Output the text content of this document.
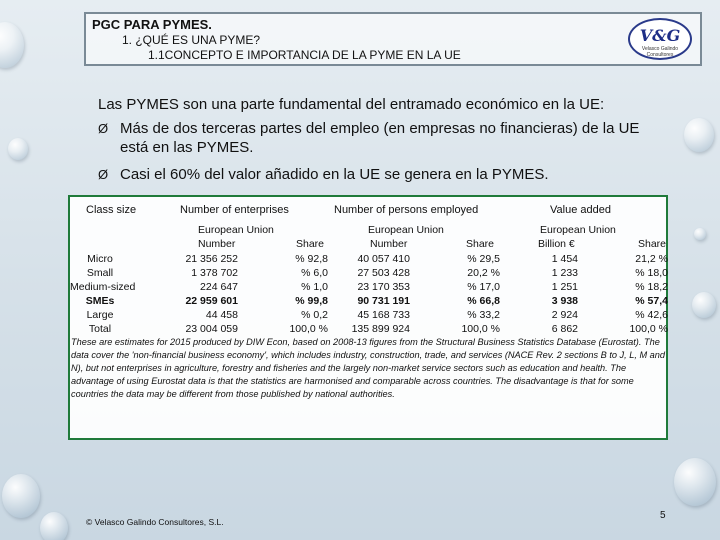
PGC PARA PYMES.
1. ¿QUÉ ES UNA PYME?
1.1CONCEPTO E IMPORTANCIA DE LA PYME EN LA UE
V&G
Velasco Galindo Consultores
Las PYMES son una parte fundamental del entramado económico en la UE:
Ø Más de dos terceras partes del empleo (en empresas no financieras) de la UE
está en las PYMES.
Ø Casi el 60% del valor añadido en la UE se genera en la PYMES.
Class size	Number of enterprises	Number of persons employed	Value added
European Union	European Union	European Union
Number	Share	Number	Share	Billion €	Share
Micro	21 356 252	% 92,8	40 057 410	% 29,5	1 454	21,2 %
Small	1 378 702	% 6,0	27 503 428	20,2 %	1 233	% 18,0
Medium-sized	224 647	% 1,0	23 170 353	% 17,0	1 251	% 18,2
SMEs	22 959 601	% 99,8	90 731 191	% 66,8	3 938	% 57,4
Large	44 458	% 0,2	45 168 733	% 33,2	2 924	% 42,6
Total	23 004 059	100,0 % 135 899 924	100,0 %	6 862	100,0 %
These are estimates for 2015 produced by DIW Econ, based on 2008-13 figures from the Structural Business Statistics Database (Eurostat). The data cover the 'non-financial business economy', which includes industry, construction, trade, and services (NACE Rev. 2 sections B to J, L, M and N), but not enterprises in agriculture, forestry and fisheries and the largely non-market service sectors such as education and health. The advantage of using Eurostat data is that the statistics are harmonised and comparable across countries. The disadvantage is that for some countries the data may be different from those published by national authorities.
© Velasco Galindo Consultores, S.L.
5
